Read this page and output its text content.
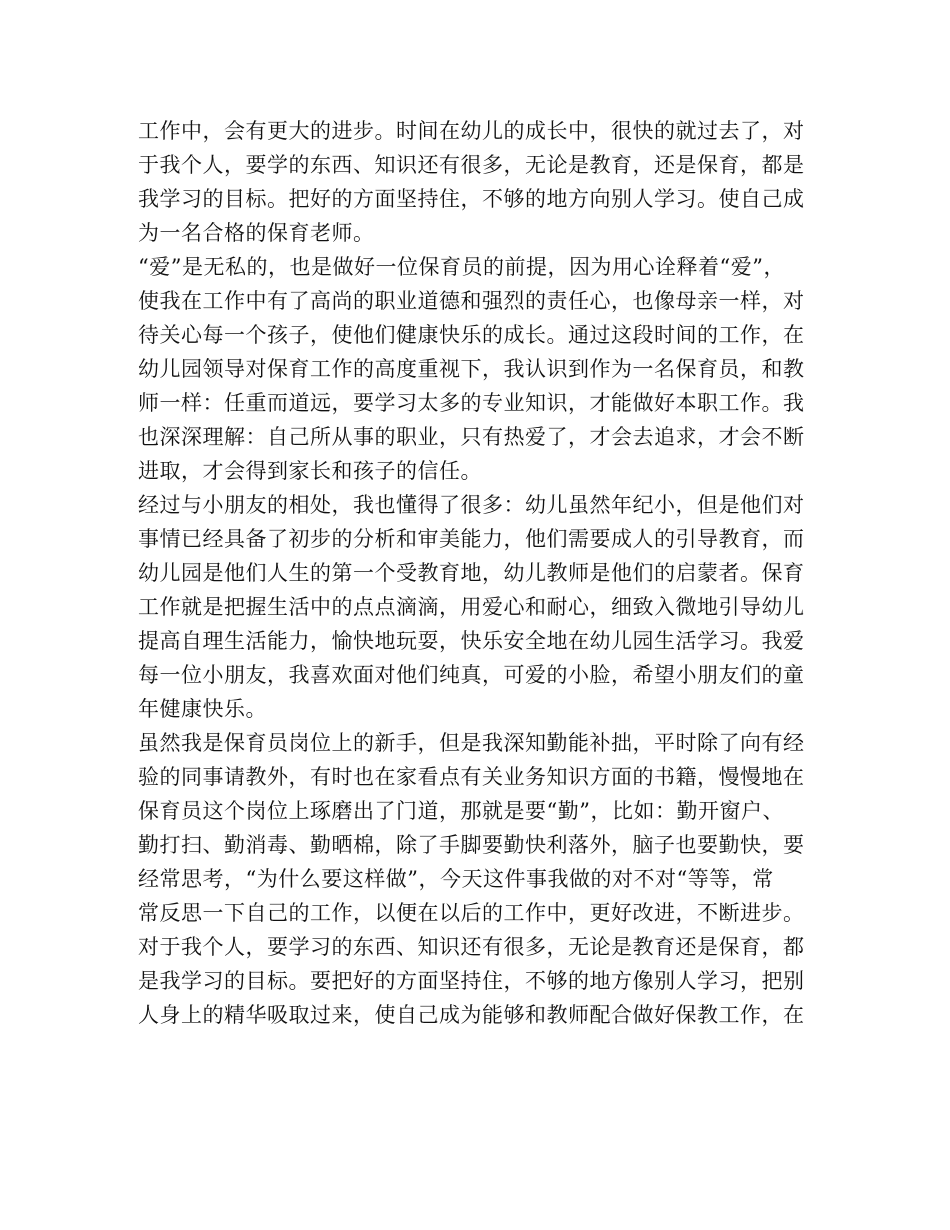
工作中，会有更大的进步。时间在幼儿的成长中，很快的就过去了，对
于我个人，要学的东西、知识还有很多，无论是教育，还是保育，都是
我学习的目标。把好的方面坚持住，不够的地方向别人学习。使自己成
为一名合格的保育老师。
“爱”是无私的，也是做好一位保育员的前提，因为用心诠释着“爱”，
使我在工作中有了高尚的职业道德和强烈的责任心，也像母亲一样，对
待关心每一个孩子，使他们健康快乐的成长。通过这段时间的工作，在
幼儿园领导对保育工作的高度重视下，我认识到作为一名保育员，和教
师一样：任重而道远，要学习太多的专业知识，才能做好本职工作。我
也深深理解：自己所从事的职业，只有热爱了，才会去追求，才会不断
进取，才会得到家长和孩子的信任。
经过与小朋友的相处，我也懂得了很多：幼儿虽然年纪小，但是他们对
事情已经具备了初步的分析和审美能力，他们需要成人的引导教育，而
幼儿园是他们人生的第一个受教育地，幼儿教师是他们的启蒙者。保育
工作就是把握生活中的点点滴滴，用爱心和耐心，细致入微地引导幼儿
提高自理生活能力，愉快地玩耍，快乐安全地在幼儿园生活学习。我爱
每一位小朋友，我喜欢面对他们纯真，可爱的小脸，希望小朋友们的童
年健康快乐。
虽然我是保育员岗位上的新手，但是我深知勤能补拙，平时除了向有经
验的同事请教外，有时也在家看点有关业务知识方面的书籍，慢慢地在
保育员这个岗位上琢磨出了门道，那就是要“勤”，比如：勤开窗户、
勤打扫、勤消毒、勤晒棉，除了手脚要勤快利落外，脑子也要勤快，要
经常思考，“为什么要这样做”，今天这件事我做的对不对“等等，常
常反思一下自己的工作，以便在以后的工作中，更好改进，不断进步。
对于我个人，要学习的东西、知识还有很多，无论是教育还是保育，都
是我学习的目标。要把好的方面坚持住，不够的地方像别人学习，把别
人身上的精华吸取过来，使自己成为能够和教师配合做好保教工作，在
